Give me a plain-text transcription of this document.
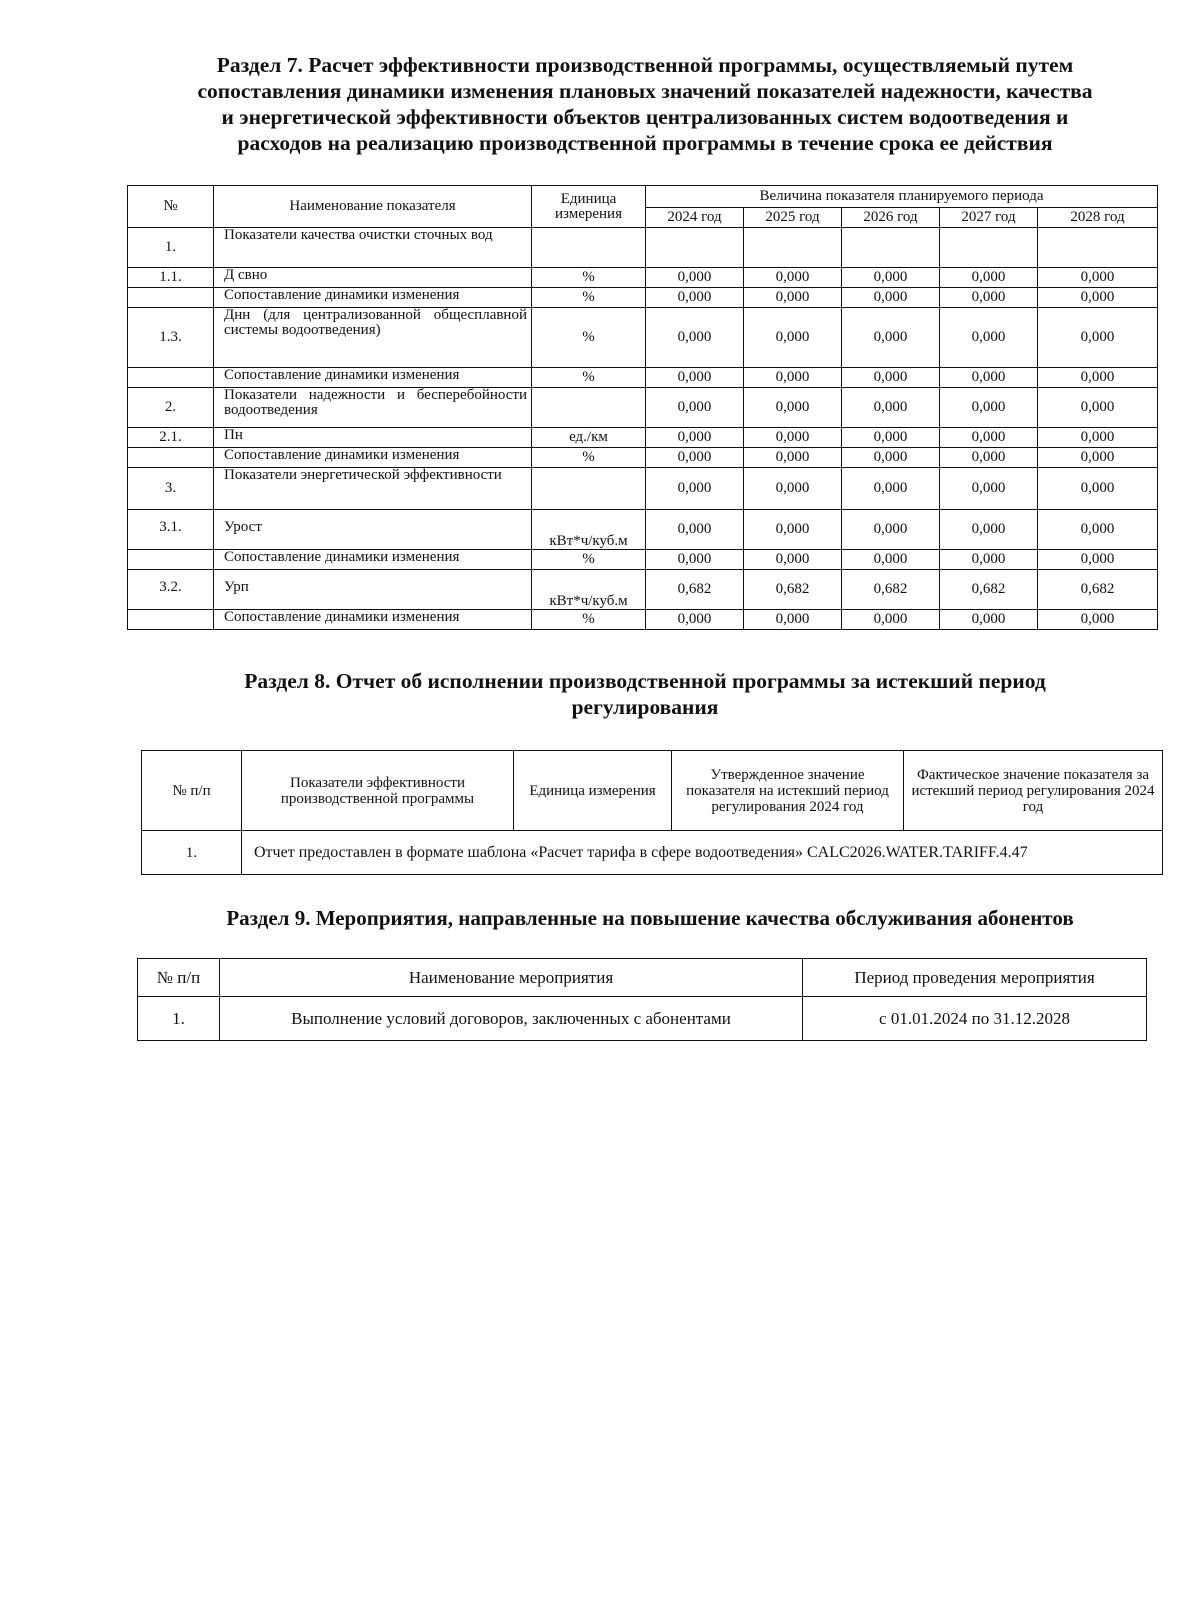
Раздел 7. Расчет эффективности производственной программы, осуществляемый путем
сопоставления динамики изменения плановых значений показателей надежности, качества
и энергетической эффективности объектов централизованных систем водоотведения и
расходов на реализацию производственной программы в течение срока ее действия
№	Наименование показателя	Единица измерения	Величина показателя планируемого периода				
			2024 год	2025 год	2026 год	2027 год	2028 год
1.	Показатели качества очистки сточных вод						
1.1.	Д свно	%	0,000	0,000	0,000	0,000	0,000
	Сопоставление динамики изменения	%	0,000	0,000	0,000	0,000	0,000
1.3.	Днн (для централизованной общесплавной системы водоотведения)	%	0,000	0,000	0,000	0,000	0,000
	Сопоставление динамики изменения	%	0,000	0,000	0,000	0,000	0,000
2.	Показатели надежности и бесперебойности водоотведения		0,000	0,000	0,000	0,000	0,000
2.1.	Пн	ед./км	0,000	0,000	0,000	0,000	0,000
	Сопоставление динамики изменения	%	0,000	0,000	0,000	0,000	0,000
3.	Показатели энергетической эффективности		0,000	0,000	0,000	0,000	0,000
3.1.	Урост	кВт*ч/куб.м	0,000	0,000	0,000	0,000	0,000
	Сопоставление динамики изменения	%	0,000	0,000	0,000	0,000	0,000
3.2.	Урп	кВт*ч/куб.м	0,682	0,682	0,682	0,682	0,682
	Сопоставление динамики изменения	%	0,000	0,000	0,000	0,000	0,000
Раздел 8. Отчет об исполнении производственной программы за истекший период
регулирования
№ п/п	Показатели эффективности производственной программы	Единица измерения	Утвержденное значение показателя на истекший период регулирования 2024 год	Фактическое значение показателя за истекший период регулирования 2024 год
1.	Отчет предоставлен в формате шаблона «Расчет тарифа в сфере водоотведения» CALC2026.WATER.TARIFF.4.47			
Раздел 9. Мероприятия, направленные на повышение качества обслуживания абонентов
№ п/п	Наименование мероприятия	Период проведения мероприятия
1.	Выполнение условий договоров, заключенных с абонентами	с 01.01.2024 по 31.12.2028
